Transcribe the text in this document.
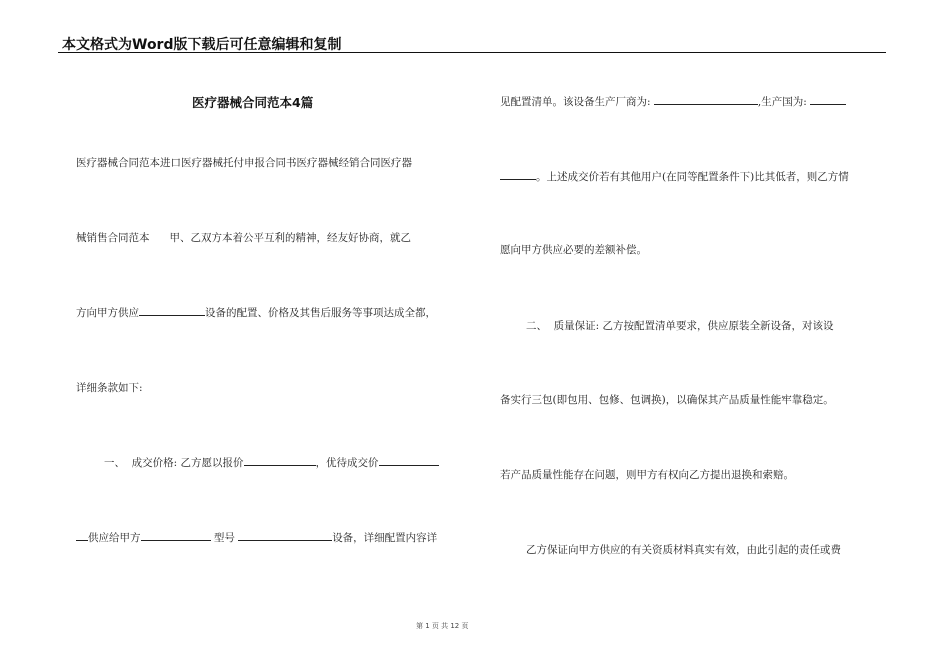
本文格式为Word版下载后可任意编辑和复制
医疗器械合同范本4篇
医疗器械合同范本进口医疗器械托付申报合同书医疗器械经销合同医疗器
械销售合同范本      甲、乙双方本着公平互利的精神，经友好协商，就乙
方向甲方供应	设备的配置、价格及其售后服务等事项达成全都，
详细条款如下:
一、  成交价格: 乙方愿以报价	，优待成交价
供应给甲方	型号	设备，详细配置内容详
见配置清单。该设备生产厂商为:	,生产国为:
。上述成交价若有其他用户(在同等配置条件下)比其低者，则乙方情
愿向甲方供应必要的差额补偿。
二、  质量保证: 乙方按配置清单要求，供应原装全新设备，对该设
备实行三包(即包用、包修、包调换)，以确保其产品质量性能牢靠稳定。
若产品质量性能存在问题，则甲方有权向乙方提出退换和索赔。
乙方保证向甲方供应的有关资质材料真实有效，由此引起的责任或费
第 1 页 共 12 页
